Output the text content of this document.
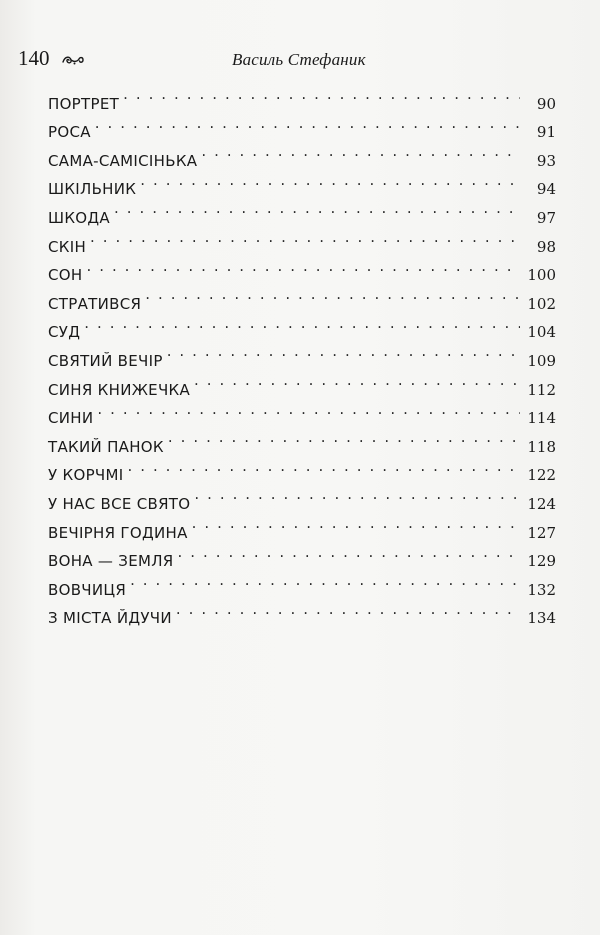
140	Василь Стефаник
ПОРТРЕТ . . .	90
РОСА . . .	91
САМА-САМІСІНЬКА . . .	93
ШКІЛЬНИК . . .	94
ШКОДА . . .	97
СКІН . . .	98
СОН . . .	100
СТРАТИВСЯ . . .	102
СУД . . .	104
СВЯТИЙ ВЕЧІР . . .	109
СИНЯ КНИЖЕЧКА . . .	112
СИНИ . . .	114
ТАКИЙ ПАНОК . . .	118
У КОРЧМІ . . .	122
У НАС ВСЕ СВЯТО . . .	124
ВЕЧІРНЯ ГОДИНА . . .	127
ВОНА — ЗЕМЛЯ . . .	129
ВОВЧИЦЯ . . .	132
З МІСТА ЙДУЧИ . . .	134
